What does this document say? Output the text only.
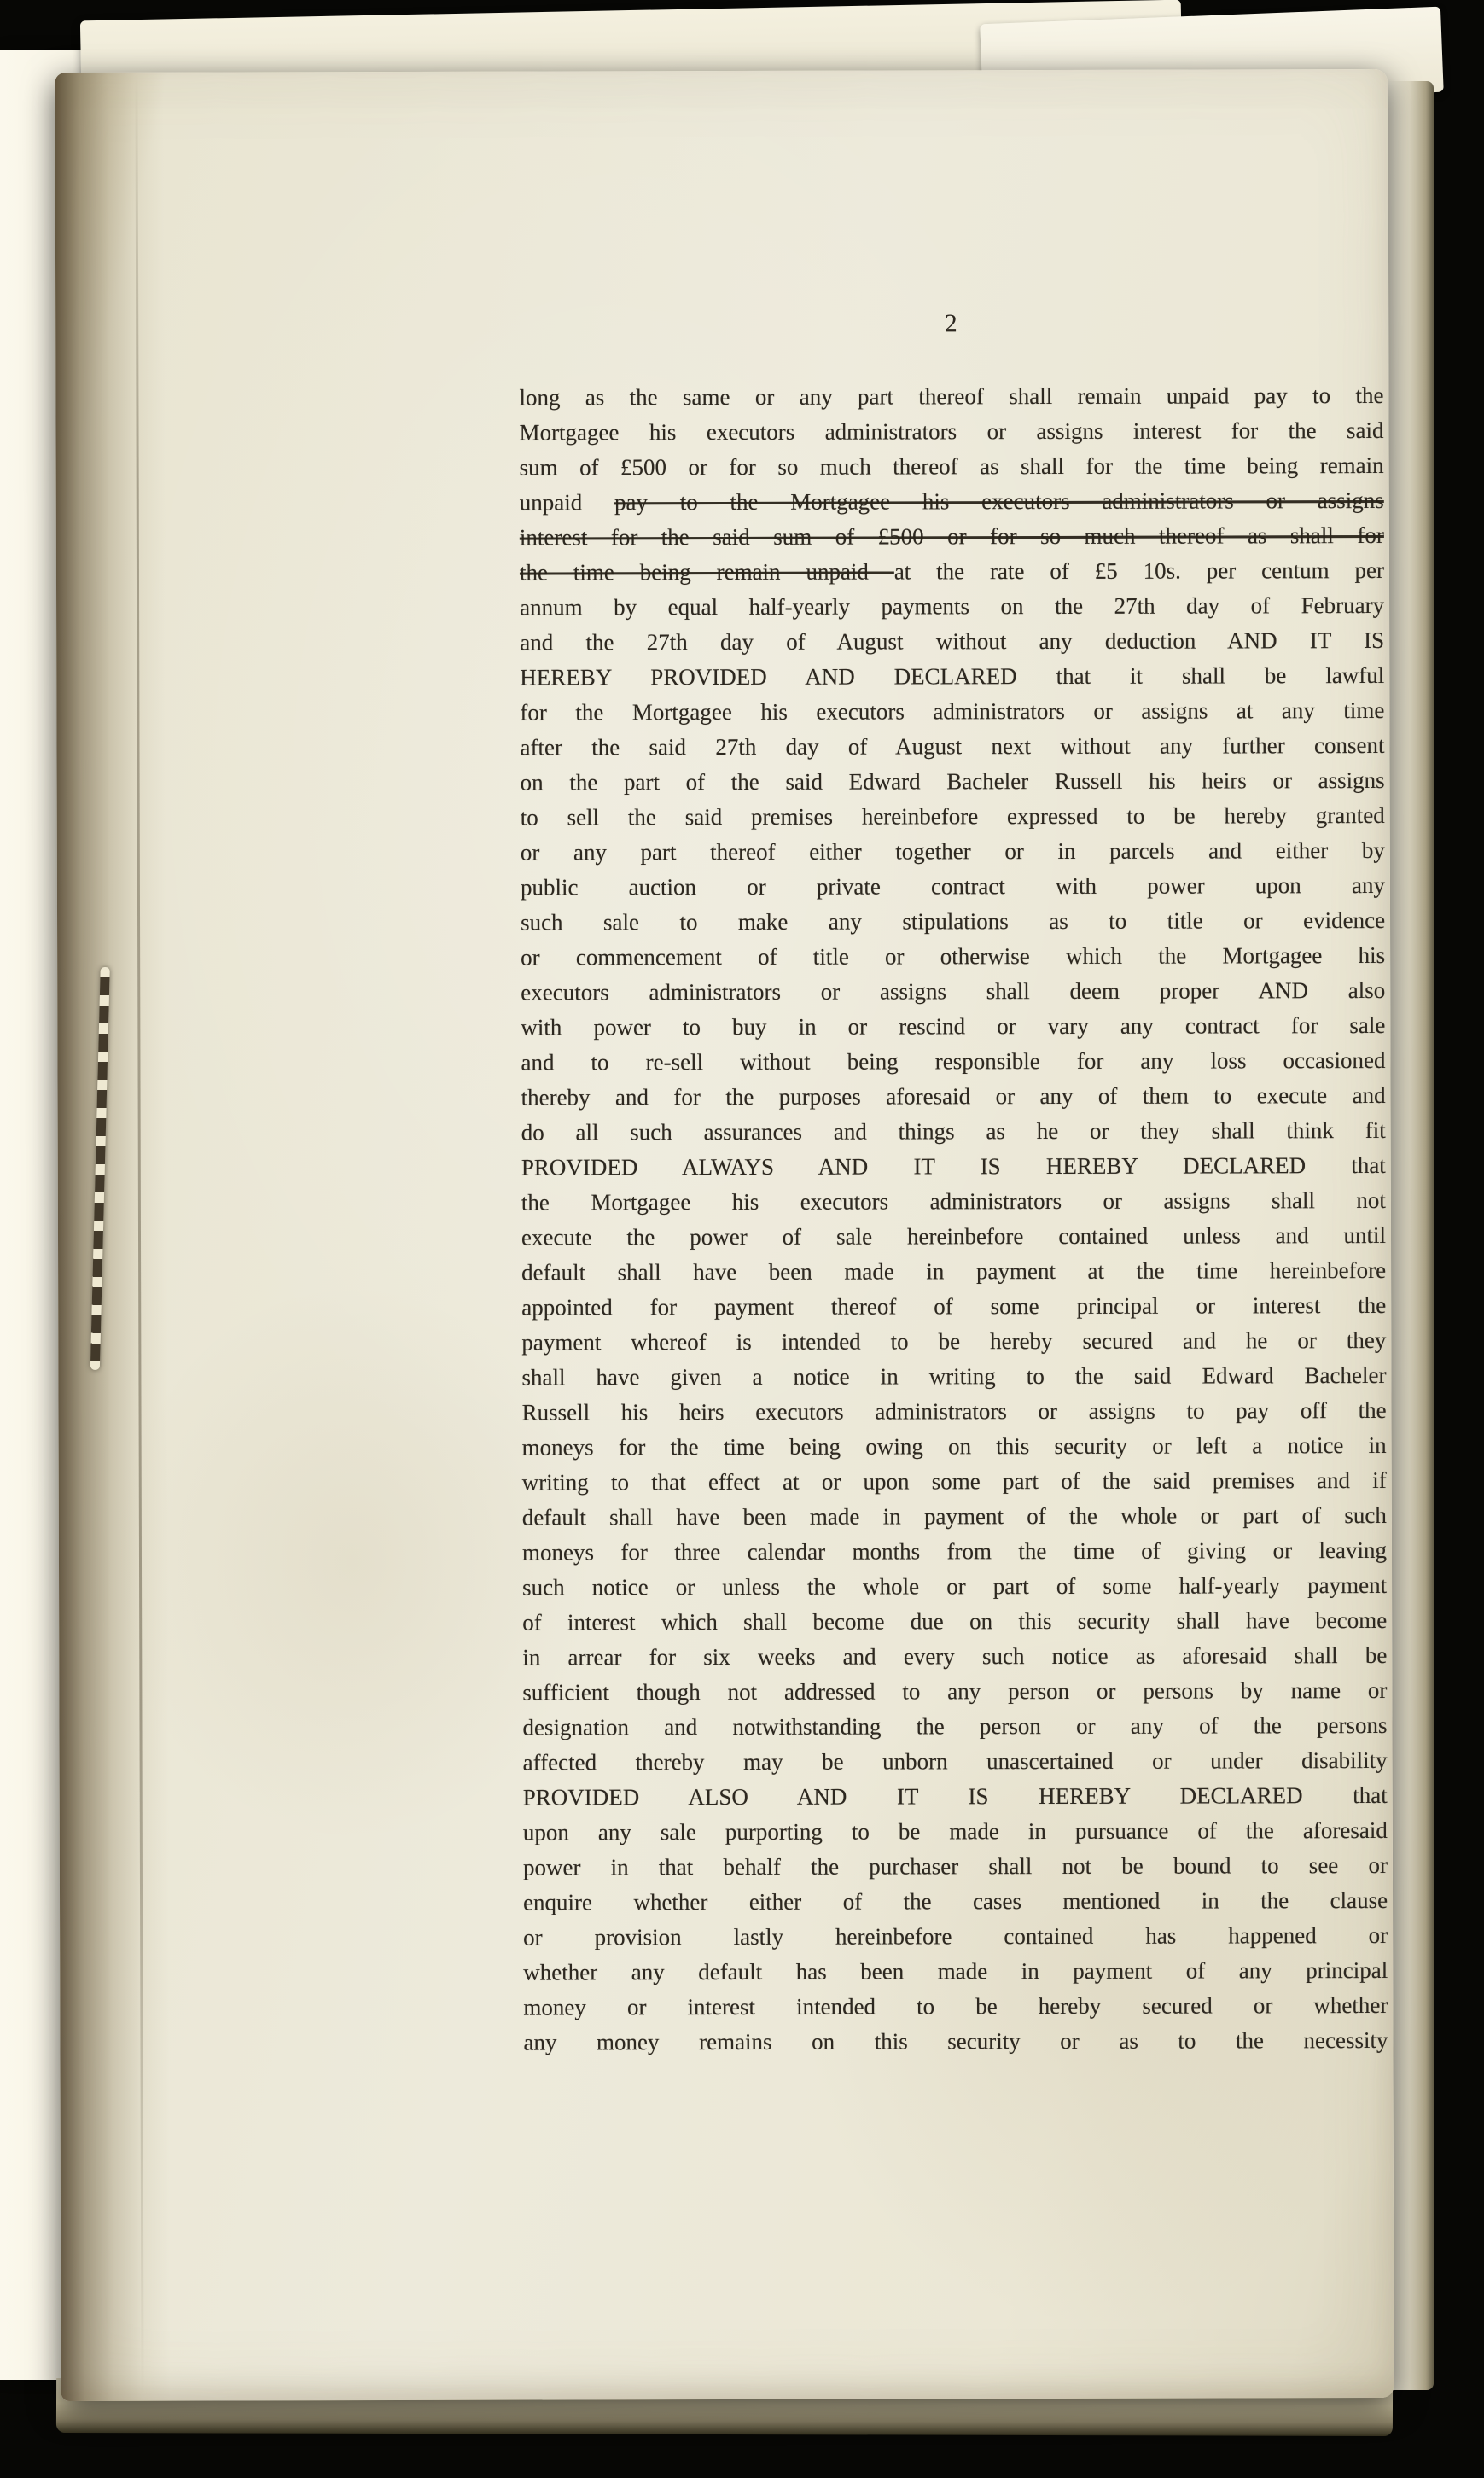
2
long as the same or any part thereof shall remain unpaid pay to the
Mortgagee his executors administrators or assigns interest for the said
sum of £500 or for so much thereof as shall for the time being remain
unpaid pay to the Mortgagee his executors administrators or assigns
interest for the said sum of £500 or for so much thereof as shall for
the time being remain unpaid at the rate of £5 10s. per centum per
annum by equal half-yearly payments on the 27th day of February
and the 27th day of August without any deduction AND IT IS
HEREBY PROVIDED AND DECLARED that it shall be lawful
for the Mortgagee his executors administrators or assigns at any time
after the said 27th day of August next without any further consent
on the part of the said Edward Bacheler Russell his heirs or assigns
to sell the said premises hereinbefore expressed to be hereby granted
or any part thereof either together or in parcels and either by
public auction or private contract with power upon any
such sale to make any stipulations as to title or evidence
or commencement of title or otherwise which the Mortgagee his
executors administrators or assigns shall deem proper AND also
with power to buy in or rescind or vary any contract for sale
and to re-sell without being responsible for any loss occasioned
thereby and for the purposes aforesaid or any of them to execute and
do all such assurances and things as he or they shall think fit
PROVIDED ALWAYS AND IT IS HEREBY DECLARED that
the Mortgagee his executors administrators or assigns shall not
execute the power of sale hereinbefore contained unless and until
default shall have been made in payment at the time hereinbefore
appointed for payment thereof of some principal or interest the
payment whereof is intended to be hereby secured and he or they
shall have given a notice in writing to the said Edward Bacheler
Russell his heirs executors administrators or assigns to pay off the
moneys for the time being owing on this security or left a notice in
writing to that effect at or upon some part of the said premises and if
default shall have been made in payment of the whole or part of such
moneys for three calendar months from the time of giving or leaving
such notice or unless the whole or part of some half-yearly payment
of interest which shall become due on this security shall have become
in arrear for six weeks and every such notice as aforesaid shall be
sufficient though not addressed to any person or persons by name or
designation and notwithstanding the person or any of the persons
affected thereby may be unborn unascertained or under disability
PROVIDED ALSO AND IT IS HEREBY DECLARED that
upon any sale purporting to be made in pursuance of the aforesaid
power in that behalf the purchaser shall not be bound to see or
enquire whether either of the cases mentioned in the clause
or provision lastly hereinbefore contained has happened or
whether any default has been made in payment of any principal
money or interest intended to be hereby secured or whether
any money remains on this security or as to the necessity
